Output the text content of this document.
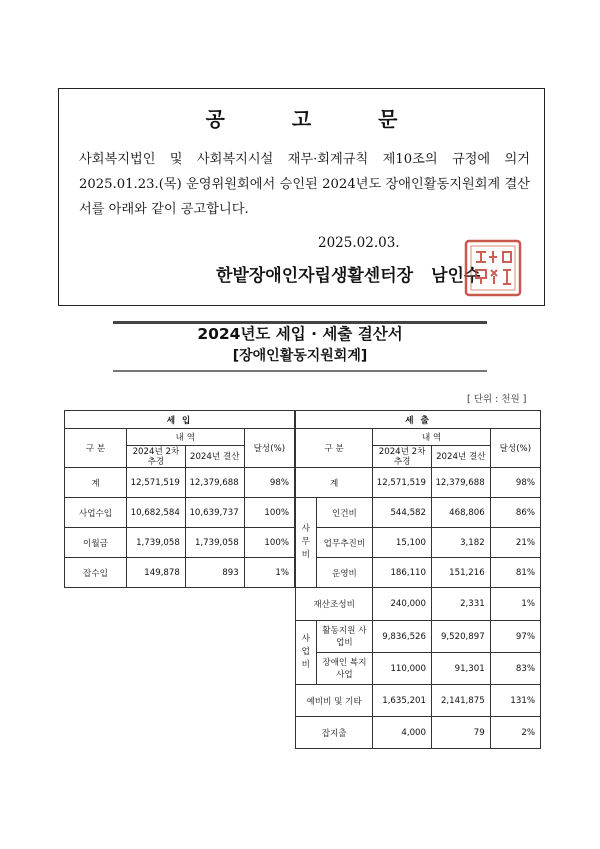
공 고 문
사회복지법인 및 사회복지시설 재무·회계규칙 제10조의 규정에 의거 2025.01.23.(목) 운영위원회에서 승인된 2024년도 장애인활동지원회계 결산서를 아래와 같이 공고합니다.
2025.02.03.
한밭장애인자립생활센터장 남인수
2024년도 세입 · 세출 결산서
[장애인활동지원회계]
[ 단위 : 천원 ]
세 입			
구 분	내 역		달성(%)
	2024년 2차 추경	2024년 결산	
계	12,571,519	12,379,688	98%
사업수입	10,682,584	10,639,737	100%
이월금	1,739,058	1,739,058	100%
잡수입	149,878	893	1%
세 출				
구 분		내 역		달성(%)
		2024년 2차 추경	2024년 결산	
계		12,571,519	12,379,688	98%
사무비	인건비	544,582	468,806	86%
	업무추진비	15,100	3,182	21%
	운영비	186,110	151,216	81%
재산조성비		240,000	2,331	1%
사업비	활동지원 사업비	9,836,526	9,520,897	97%
	장애인 복지사업	110,000	91,301	83%
예비비 및 기타		1,635,201	2,141,875	131%
잡지출		4,000	79	2%
